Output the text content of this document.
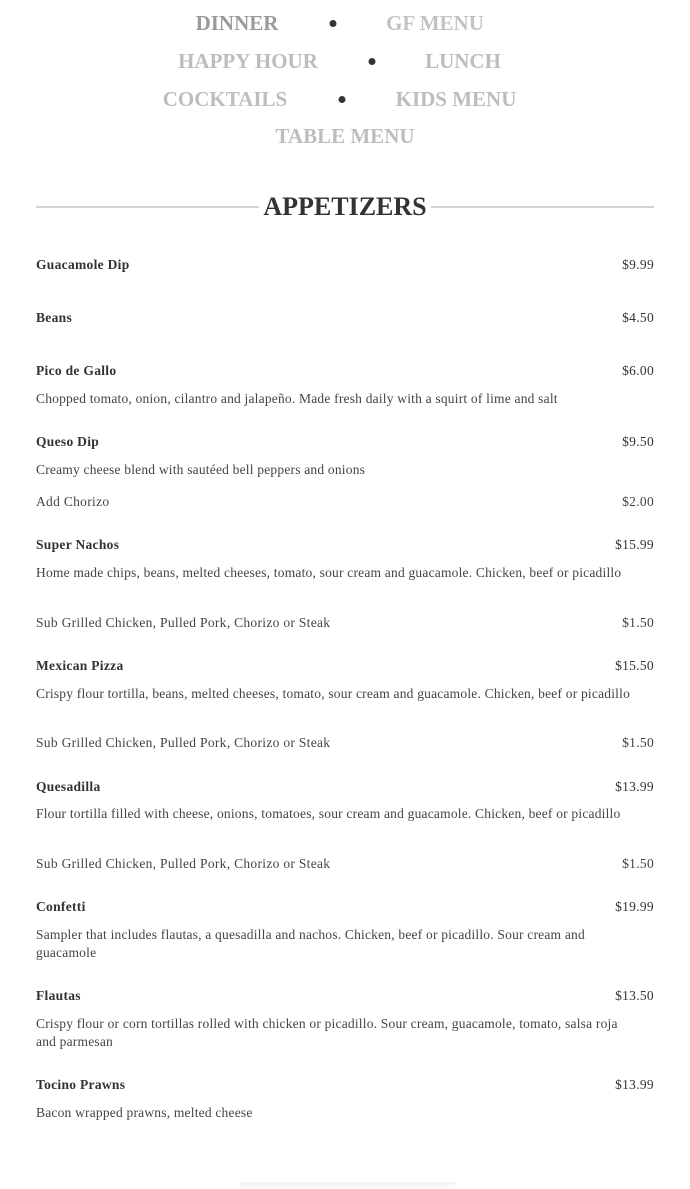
DINNER	GF MENU
HAPPY HOUR	LUNCH
COCKTAILS	KIDS MENU
TABLE MENU
APPETIZERS
Guacamole Dip	$9.99
Beans	$4.50
Pico de Gallo	$6.00
Chopped tomato, onion, cilantro and jalapeño. Made fresh daily with a squirt of lime and salt
Queso Dip	$9.50
Creamy cheese blend with sautéed bell peppers and onions
Add Chorizo	$2.00
Super Nachos	$15.99
Home made chips, beans, melted cheeses, tomato, sour cream and guacamole. Chicken, beef or picadillo
Sub Grilled Chicken, Pulled Pork, Chorizo or Steak	$1.50
Mexican Pizza	$15.50
Crispy flour tortilla, beans, melted cheeses, tomato, sour cream and guacamole. Chicken, beef or picadillo
Sub Grilled Chicken, Pulled Pork, Chorizo or Steak	$1.50
Quesadilla	$13.99
Flour tortilla filled with cheese, onions, tomatoes, sour cream and guacamole. Chicken, beef or picadillo
Sub Grilled Chicken, Pulled Pork, Chorizo or Steak	$1.50
Confetti	$19.99
Sampler that includes flautas, a quesadilla and nachos. Chicken, beef or picadillo. Sour cream and guacamole
Flautas	$13.50
Crispy flour or corn tortillas rolled with chicken or picadillo. Sour cream, guacamole, tomato, salsa roja and parmesan
Tocino Prawns	$13.99
Bacon wrapped prawns, melted cheese
